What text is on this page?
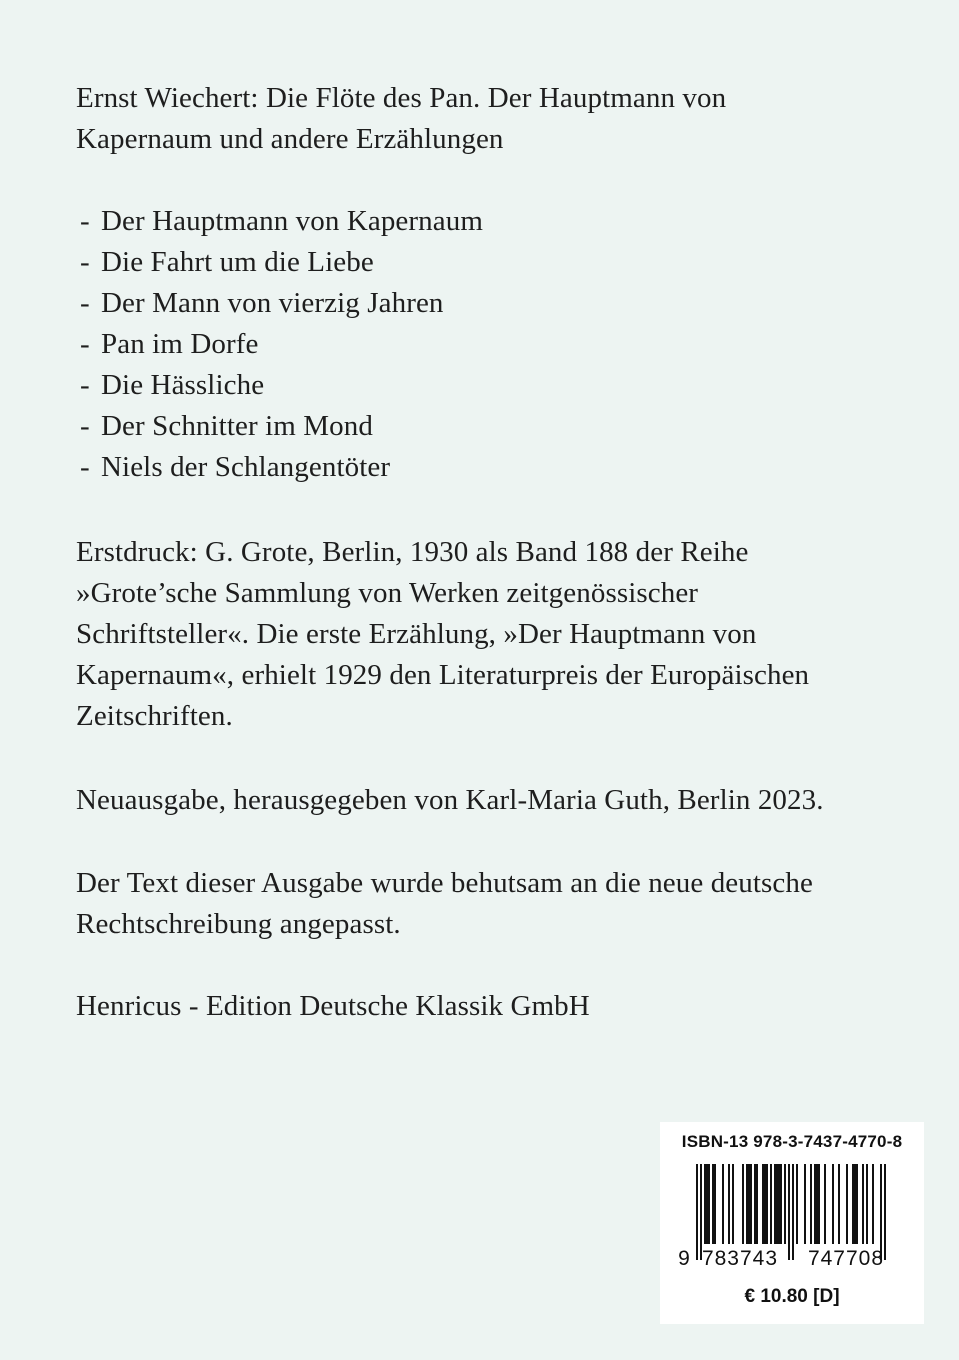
Ernst Wiechert: Die Flöte des Pan. Der Hauptmann von
Kapernaum und andere Erzählungen
- Der Hauptmann von Kapernaum
- Die Fahrt um die Liebe
- Der Mann von vierzig Jahren
- Pan im Dorfe
- Die Hässliche
- Der Schnitter im Mond
- Niels der Schlangentöter
Erstdruck: G. Grote, Berlin, 1930 als Band 188 der Reihe
»Grote’sche Sammlung von Werken zeitgenössischer
Schriftsteller«. Die erste Erzählung, »Der Hauptmann von
Kapernaum«, erhielt 1929 den Literaturpreis der Europäischen
Zeitschriften.
Neuausgabe, herausgegeben von Karl-Maria Guth, Berlin 2023.
Der Text dieser Ausgabe wurde behutsam an die neue deutsche
Rechtschreibung angepasst.
Henricus - Edition Deutsche Klassik GmbH
ISBN-13 978-3-7437-4770-8
9 783743 747708
€ 10.80 [D]
